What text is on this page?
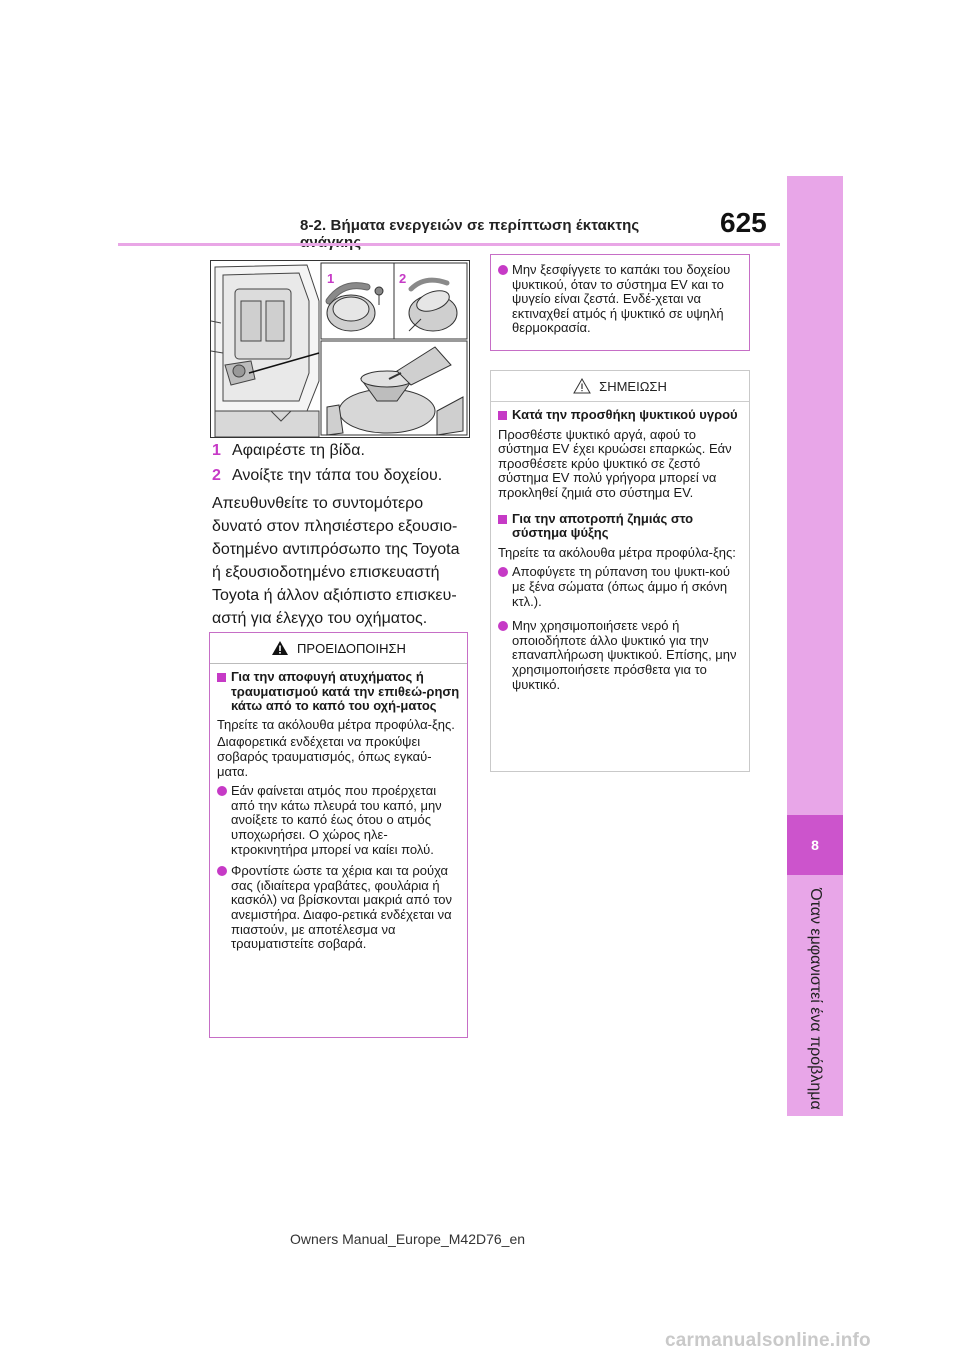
8-2. Βήματα ενεργειών σε περίπτωση έκτακτης	625
8
Όταν εμφανιστεί ένα πρόβλημα
1	2
1 Αφαιρέστε τη βίδα.
2 Ανοίξτε την τάπα του δοχείου.
Απευθυνθείτε το συντομότερο δυνατό στον πλησιέστερο εξουσιο-δοτημένο αντιπρόσωπο της Toyota ή εξουσιοδοτημένο επισκευαστή Toyota ή άλλον αξιόπιστο επισκευ-αστή για έλεγχο του οχήματος.
ΠΡΟΕΙΔΟΠΟΙΗΣΗ
Για την αποφυγή ατυχήματος ή τραυματισμού κατά την επιθεώ-ρηση κάτω από το καπό του οχή-ματος

Τηρείτε τα ακόλουθα μέτρα προφύλα-ξης.

Διαφορετικά ενδέχεται να προκύψει σοβαρός τραυματισμός, όπως εγκαύ-ματα.

Εάν φαίνεται ατμός που προέρχεται από την κάτω πλευρά του καπό, μην ανοίξετε το καπό έως ότου ο ατμός υποχωρήσει. Ο χώρος ηλε-κτροκινητήρα μπορεί να καίει πολύ.
Φροντίστε ώστε τα χέρια και τα ρούχα σας (ιδιαίτερα γραβάτες, φουλάρια ή κασκόλ) να βρίσκονται μακριά από τον ανεμιστήρα. Διαφο-ρετικά ενδέχεται να πιαστούν, με αποτέλεσμα να τραυματιστείτε σοβαρά.
Μην ξεσφίγγετε το καπάκι του δοχείου ψυκτικού, όταν το σύστημα EV και το ψυγείο είναι ζεστά. Ενδέ-χεται να εκτιναχθεί ατμός ή ψυκτικό σε υψηλή θερμοκρασία.
ΣΗΜΕΙΩΣΗ
Κατά την προσθήκη ψυκτικού υγρού

Προσθέστε ψυκτικό αργά, αφού το σύστημα EV έχει κρυώσει επαρκώς. Εάν προσθέσετε κρύο ψυκτικό σε ζεστό σύστημα EV πολύ γρήγορα μπορεί να προκληθεί ζημιά στο σύστημα EV.

Για την αποτροπή ζημιάς στο σύστημα ψύξης

Τηρείτε τα ακόλουθα μέτρα προφύλα-ξης:

Αποφύγετε τη ρύπανση του ψυκτι-κού με ξένα σώματα (όπως άμμο ή σκόνη κτλ.).
Μην χρησιμοποιήσετε νερό ή οποιοδήποτε άλλο ψυκτικό για την επαναπλήρωση ψυκτικού. Επίσης, μην χρησιμοποιήσετε πρόσθετα για το ψυκτικό.
Owners Manual_Europe_M42D76_en
carmanualsonline.info
